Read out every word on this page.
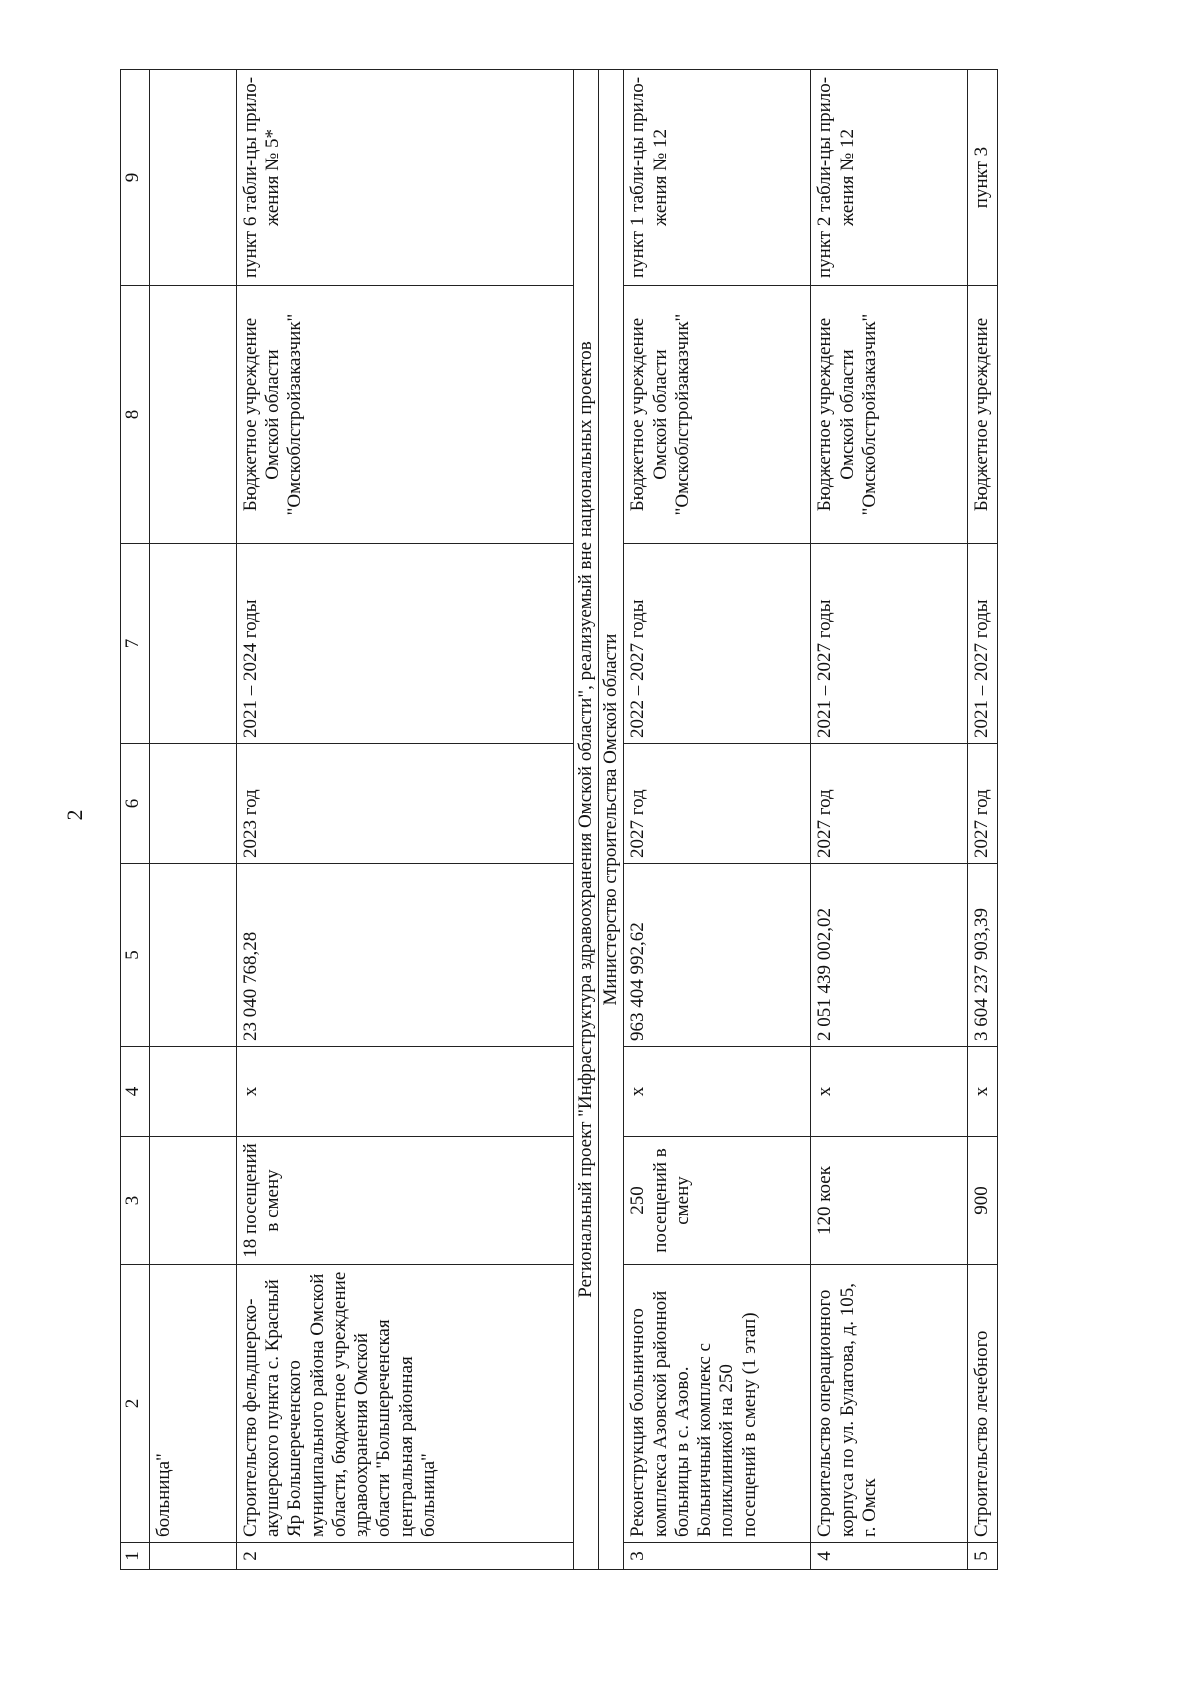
2
1	2	3	4	5	6	7	8	9
	больница"							
2	Строительство фельдшерско-акушерского пункта с. Красный Яр Большереченского муниципального района Омской области, бюджетное учреждение здравоохранения Омской области "Большереченская центральная районная больница"	18 посещений в смену	x	23 040 768,28	2023 год	2021 – 2024 годы	Бюджетное учреждение Омской области "Омскоблстройзаказчик"	пункт 6 табли-цы прило-жения № 5*
Региональный проект "Инфраструктура здравоохранения Омской области", реализуемый вне национальных проектов								
Министерство строительства Омской области								
3	Реконструкция больничного комплекса Азовской районной больницы в с. Азово. Больничный комплекс с поликлиникой на 250 посещений в смену (1 этап)	250 посещений в смену	x	963 404 992,62	2027 год	2022 – 2027 годы	Бюджетное учреждение Омской области "Омскоблстройзаказчик"	пункт 1 табли-цы прило-жения № 12
4	Строительство операционного корпуса по ул. Булатова, д. 105, г. Омск	120 коек	x	2 051 439 002,02	2027 год	2021 – 2027 годы	Бюджетное учреждение Омской области "Омскоблстройзаказчик"	пункт 2 табли-цы прило-жения № 12
5	Строительство лечебного	900	x	3 604 237 903,39	2027 год	2021 – 2027 годы	Бюджетное учреждение	пункт 3
